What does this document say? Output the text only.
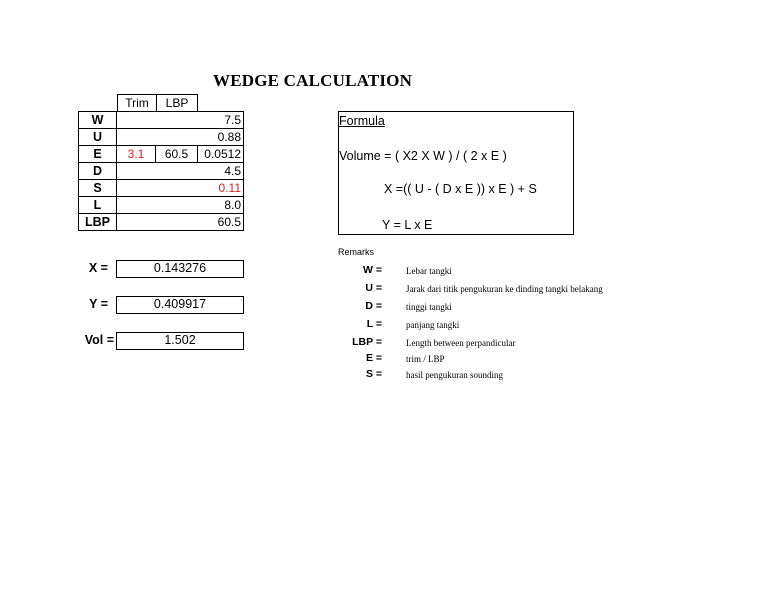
WEDGE CALCULATION
Trim	LBP
W	7.5		
U	0.88		
E	3.1	60.5	0.0512
D	4.5		
S	0.11		
L	8.0		
LBP	60.5		
X =	0.143276
Y =	0.409917
Vol =	1.502
Formula
Volume = ( X2 X W ) / ( 2 x E )
X =(( U - ( D x E )) x E ) + S
Y = L x E
Remarks
W =	Lebar tangki
U =	Jarak dari titik pengukuran ke dinding tangki belakang
D =	tinggi tangki
L =	panjang tangki
LBP =	Length between perpandicular
E =	trim / LBP
S =	hasil pengukuran sounding
